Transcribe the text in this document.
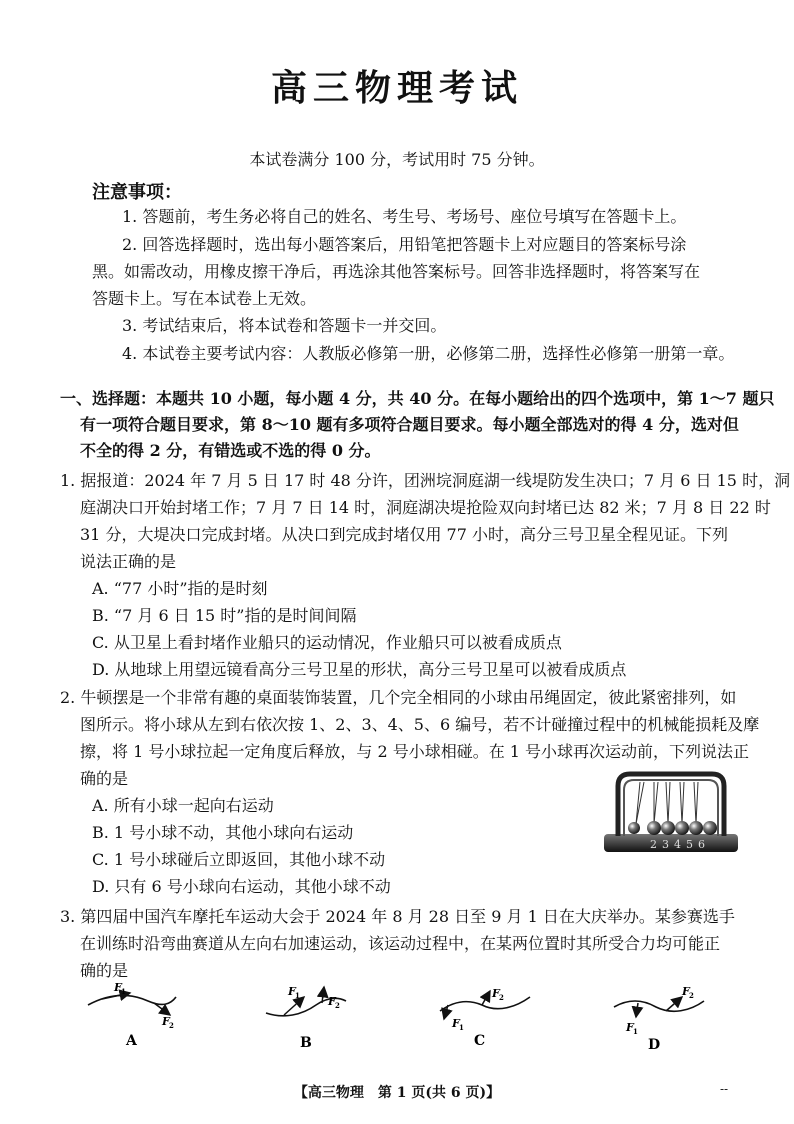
高三物理考试
本试卷满分 100 分，考试用时 75 分钟。
注意事项：
1. 答题前，考生务必将自己的姓名、考生号、考场号、座位号填写在答题卡上。
2. 回答选择题时，选出每小题答案后，用铅笔把答题卡上对应题目的答案标号涂
黑。如需改动，用橡皮擦干净后，再选涂其他答案标号。回答非选择题时，将答案写在
答题卡上。写在本试卷上无效。
3. 考试结束后，将本试卷和答题卡一并交回。
4. 本试卷主要考试内容：人教版必修第一册，必修第二册，选择性必修第一册第一章。
一、选择题：本题共 10 小题，每小题 4 分，共 40 分。在每小题给出的四个选项中，第 1～7 题只
有一项符合题目要求，第 8～10 题有多项符合题目要求。每小题全部选对的得 4 分，选对但
不全的得 2 分，有错选或不选的得 0 分。
1. 据报道：2024 年 7 月 5 日 17 时 48 分许，团洲垸洞庭湖一线堤防发生决口；7 月 6 日 15 时，洞
庭湖决口开始封堵工作；7 月 7 日 14 时，洞庭湖决堤抢险双向封堵已达 82 米；7 月 8 日 22 时
31 分，大堤决口完成封堵。从决口到完成封堵仅用 77 小时，高分三号卫星全程见证。下列
说法正确的是
A. “77 小时”指的是时刻
B. “7 月 6 日 15 时”指的是时间间隔
C. 从卫星上看封堵作业船只的运动情况，作业船只可以被看成质点
D. 从地球上用望远镜看高分三号卫星的形状，高分三号卫星可以被看成质点
2. 牛顿摆是一个非常有趣的桌面装饰装置，几个完全相同的小球由吊绳固定，彼此紧密排列，如
图所示。将小球从左到右依次按 1、2、3、4、5、6 编号，若不计碰撞过程中的机械能损耗及摩
擦，将 1 号小球拉起一定角度后释放，与 2 号小球相碰。在 1 号小球再次运动前，下列说法正
确的是
A. 所有小球一起向右运动
B. 1 号小球不动，其他小球向右运动
C. 1 号小球碰后立即返回，其他小球不动
D. 只有 6 号小球向右运动，其他小球不动
23456
3. 第四届中国汽车摩托车运动大会于 2024 年 8 月 28 日至 9 月 1 日在大庆举办。某参赛选手
在训练时沿弯曲赛道从左向右加速运动，该运动过程中，在某两位置时其所受合力均可能正
确的是
F 1
F 2
A
F 1	F 2
B
F 1
F 2
C
F 1
F 2
D
【高三物理　第 1 页(共 6 页)】	--
